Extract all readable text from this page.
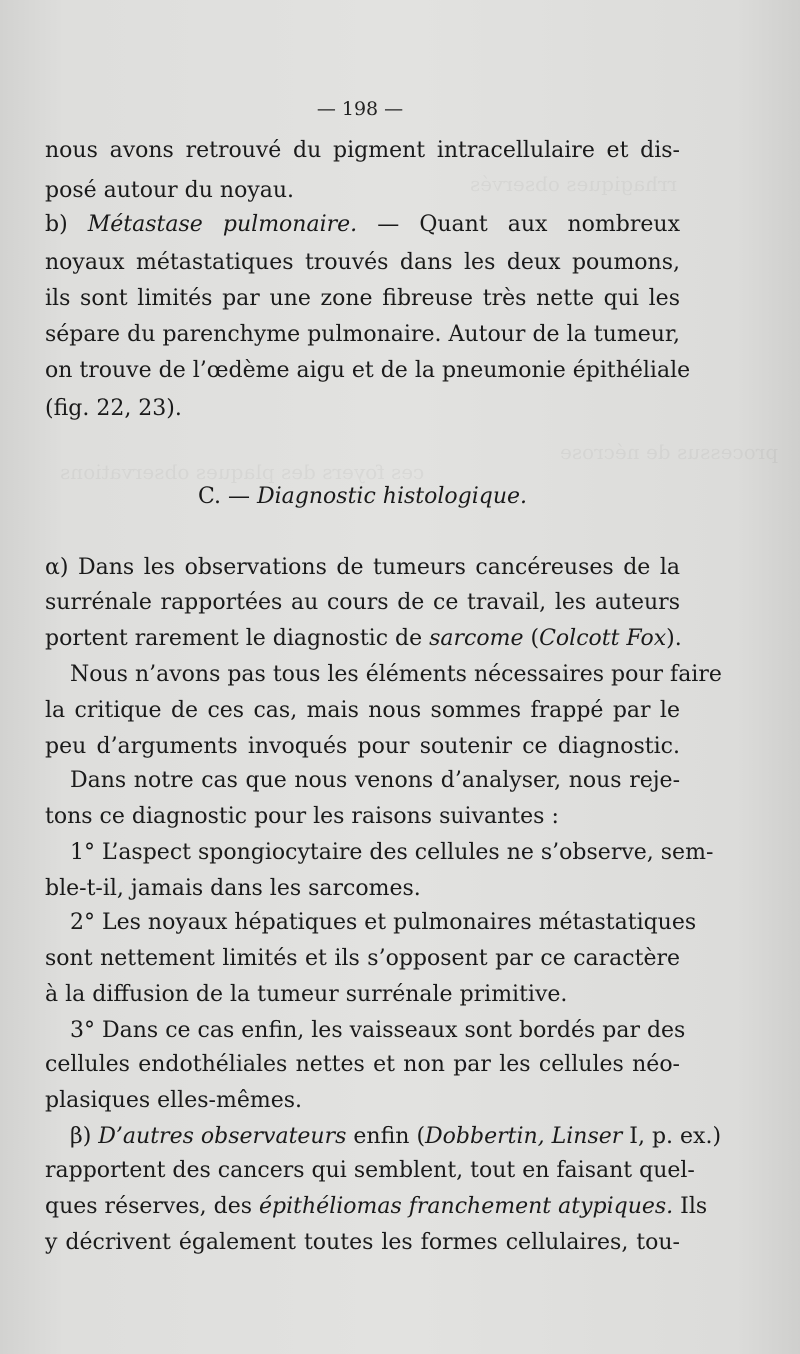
— 198 —
nous avons retrouvé du pigment intracellulaire et dis-
posé autour du noyau.
b) Métastase pulmonaire. — Quant aux nombreux
noyaux métastatiques trouvés dans les deux poumons,
ils sont limités par une zone fibreuse très nette qui les
sépare du parenchyme pulmonaire. Autour de la tumeur,
on trouve de l’œdème aigu et de la pneumonie épithéliale
(fig. 22, 23).
C. — Diagnostic histologique.
α) Dans les observations de tumeurs cancéreuses de la
surrénale rapportées au cours de ce travail, les auteurs
portent rarement le diagnostic de sarcome (Colcott Fox).
Nous n’avons pas tous les éléments nécessaires pour faire
la critique de ces cas, mais nous sommes frappé par le
peu d’arguments invoqués pour soutenir ce diagnostic.
Dans notre cas que nous venons d’analyser, nous reje-
tons ce diagnostic pour les raisons suivantes :
1° L’aspect spongiocytaire des cellules ne s’observe, sem-
ble-t-il, jamais dans les sarcomes.
2° Les noyaux hépatiques et pulmonaires métastatiques
sont nettement limités et ils s’opposent par ce caractère
à la diffusion de la tumeur surrénale primitive.
3° Dans ce cas enfin, les vaisseaux sont bordés par des
cellules endothéliales nettes et non par les cellules néo-
plasiques elles-mêmes.
β) D’autres observateurs enfin (Dobbertin, Linser I, p. ex.)
rapportent des cancers qui semblent, tout en faisant quel-
ques réserves, des épithéliomas franchement atypiques. Ils
y décrivent également toutes les formes cellulaires, tou-
